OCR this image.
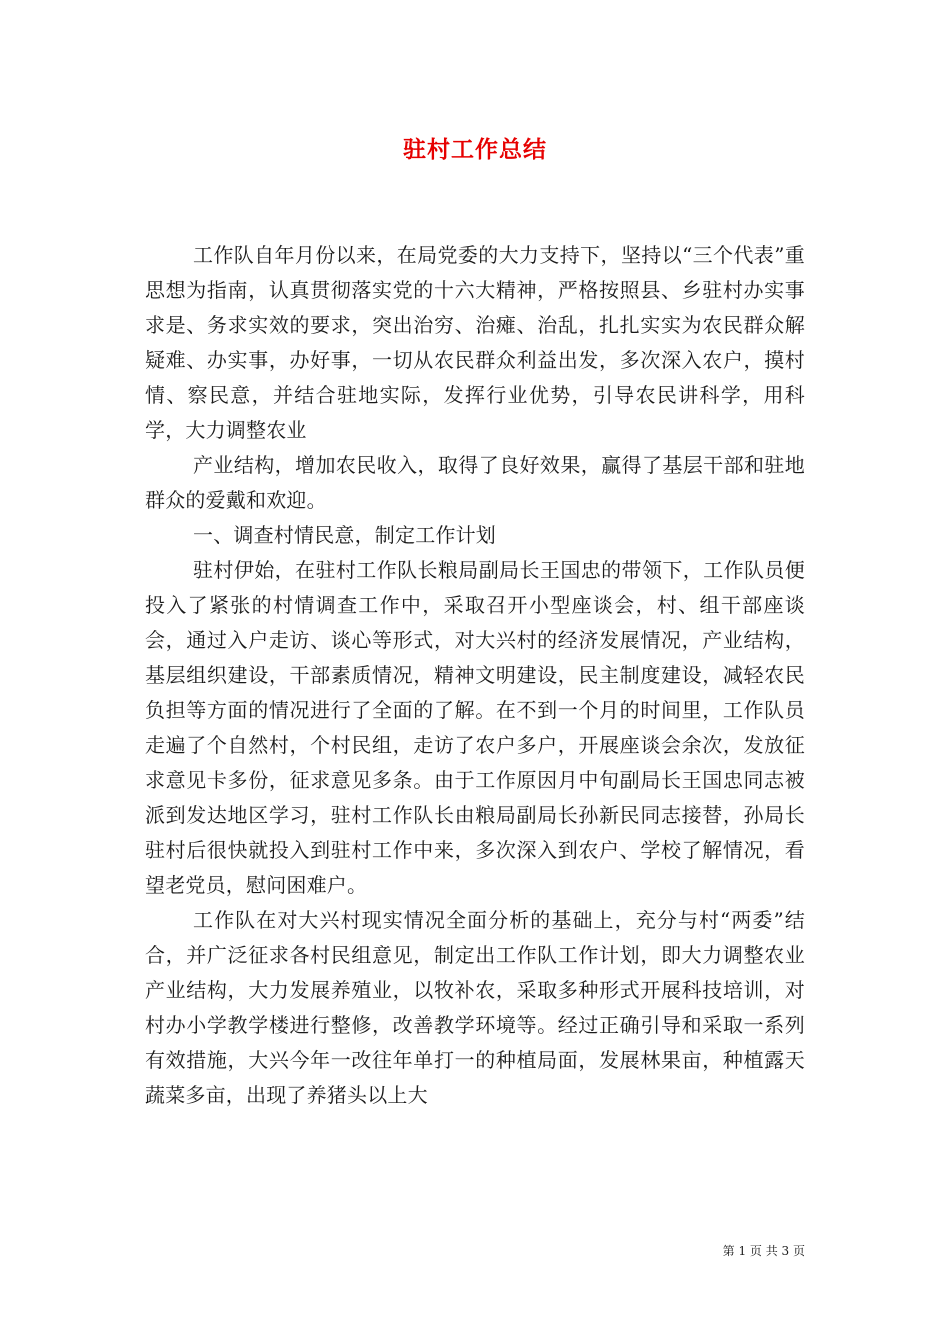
驻村工作总结

工作队自年月份以来，在局党委的大力支持下，坚持以“三个代表”重思想为指南，认真贯彻落实党的十六大精神，严格按照县、乡驻村办实事求是、务求实效的要求，突出治穷、治瘫、治乱，扎扎实实为农民群众解疑难、办实事，办好事，一切从农民群众利益出发，多次深入农户，摸村情、察民意，并结合驻地实际，发挥行业优势，引导农民讲科学，用科学，大力调整农业

产业结构，增加农民收入，取得了良好效果，赢得了基层干部和驻地群众的爱戴和欢迎。

一、调查村情民意，制定工作计划

驻村伊始，在驻村工作队长粮局副局长王国忠的带领下，工作队员便投入了紧张的村情调查工作中，采取召开小型座谈会，村、组干部座谈会，通过入户走访、谈心等形式，对大兴村的经济发展情况，产业结构，基层组织建设，干部素质情况，精神文明建设，民主制度建设，减轻农民负担等方面的情况进行了全面的了解。在不到一个月的时间里，工作队员走遍了个自然村，个村民组，走访了农户多户，开展座谈会余次，发放征求意见卡多份，征求意见多条。由于工作原因月中旬副局长王国忠同志被派到发达地区学习，驻村工作队长由粮局副局长孙新民同志接替，孙局长驻村后很快就投入到驻村工作中来，多次深入到农户、学校了解情况，看望老党员，慰问困难户。

工作队在对大兴村现实情况全面分析的基础上，充分与村“两委”结合，并广泛征求各村民组意见，制定出工作队工作计划，即大力调整农业产业结构，大力发展养殖业，以牧补农，采取多种形式开展科技培训，对村办小学教学楼进行整修，改善教学环境等。经过正确引导和采取一系列有效措施，大兴今年一改往年单打一的种植局面，发展林果亩，种植露天蔬菜多亩，出现了养猪头以上大

第 1 页 共 3 页
